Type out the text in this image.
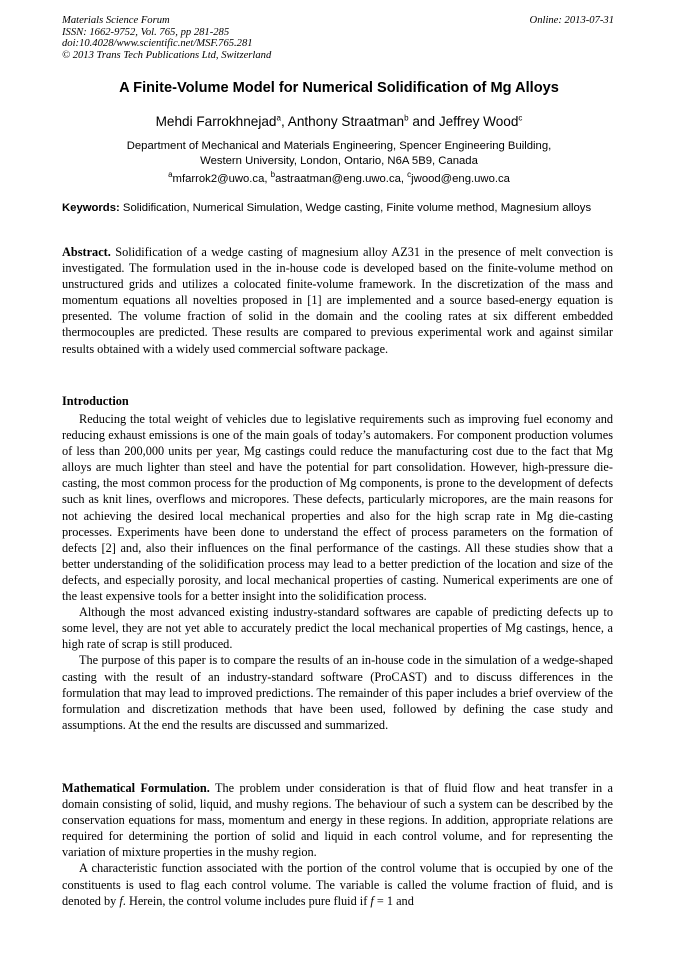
Materials Science Forum
ISSN: 1662-9752, Vol. 765, pp 281-285
doi:10.4028/www.scientific.net/MSF.765.281
© 2013 Trans Tech Publications Ltd, Switzerland
Online: 2013-07-31
A Finite-Volume Model for Numerical Solidification of Mg Alloys
Mehdi Farrokhnejad$^a$, Anthony Straatman$^b$ and Jeffrey Wood$^c$
Department of Mechanical and Materials Engineering, Spencer Engineering Building,
Western University, London, Ontario, N6A 5B9, Canada
$^a$mfarrok2@uwo.ca, $^b$astraatman@eng.uwo.ca, $^c$jwood@eng.uwo.ca
Keywords: Solidification, Numerical Simulation, Wedge casting, Finite volume method, Magnesium alloys

Abstract. Solidification of a wedge casting of magnesium alloy AZ31 in the presence of melt convection is investigated. The formulation used in the in-house code is developed based on the finite-volume method on unstructured grids and utilizes a colocated finite-volume framework. In the discretization of the mass and momentum equations all novelties proposed in [1] are implemented and a source based-energy equation is presented. The volume fraction of solid in the domain and the cooling rates at six different embedded thermocouples are predicted. These results are compared to previous experimental work and against similar results obtained with a widely used commercial software package.

Introduction

Reducing the total weight of vehicles due to legislative requirements such as improving fuel economy and reducing exhaust emissions is one of the main goals of today’s automakers. For component production volumes of less than 200,000 units per year, Mg castings could reduce the manufacturing cost due to the fact that Mg alloys are much lighter than steel and have the potential for part consolidation. However, high-pressure die-casting, the most common process for the production of Mg components, is prone to the development of defects such as knit lines, overflows and micropores. These defects, particularly micropores, are the main reasons for not achieving the desired local mechanical properties and also for the high scrap rate in Mg die-casting processes. Experiments have been done to understand the effect of process parameters on the formation of defects [2] and, also their influences on the final performance of the castings. All these studies show that a better understanding of the solidification process may lead to a better prediction of the location and size of the defects, and especially porosity, and local mechanical properties of casting. Numerical experiments are one of the least expensive tools for a better insight into the solidification process.

Although the most advanced existing industry-standard softwares are capable of predicting defects up to some level, they are not yet able to accurately predict the local mechanical properties of Mg castings, hence, a high rate of scrap is still produced.

The purpose of this paper is to compare the results of an in-house code in the simulation of a wedge-shaped casting with the result of an industry-standard software (ProCAST) and to discuss differences in the formulation that may lead to improved predictions. The remainder of this paper includes a brief overview of the formulation and discretization methods that have been used, followed by defining the case study and assumptions. At the end the results are discussed and summarized.

Mathematical Formulation. The problem under consideration is that of fluid flow and heat transfer in a domain consisting of solid, liquid, and mushy regions. The behaviour of such a system can be described by the conservation equations for mass, momentum and energy in these regions. In addition, appropriate relations are required for determining the portion of solid and liquid in each control volume, and for representing the variation of mixture properties in the mushy region.

A characteristic function associated with the portion of the control volume that is occupied by one of the constituents is used to flag each control volume. The variable is called the volume fraction of fluid, and is denoted by f. Herein, the control volume includes pure fluid if f = 1 and
